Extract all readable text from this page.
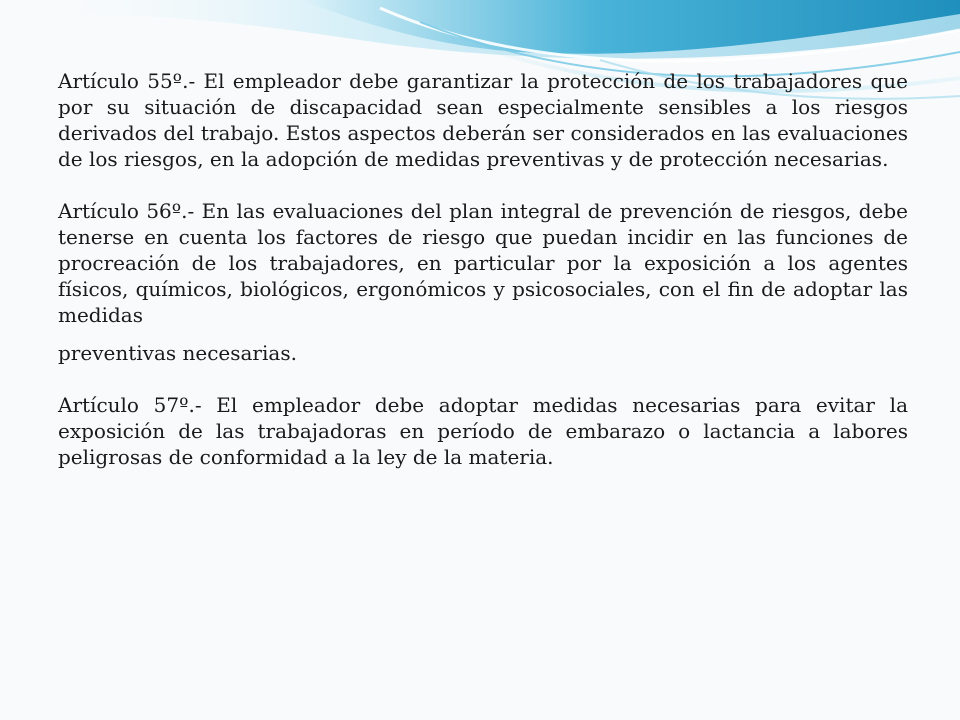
Artículo 55º.- El empleador debe garantizar la protección de los trabajadores que por su situación de discapacidad sean especialmente sensibles a los riesgos derivados del trabajo. Estos aspectos deberán ser considerados en las evaluaciones de los riesgos, en la adopción de medidas preventivas y de protección necesarias.

Artículo 56º.- En las evaluaciones del plan integral de prevención de riesgos, debe tenerse en cuenta los factores de riesgo que puedan incidir en las funciones de procreación de los trabajadores, en particular por la exposición a los agentes físicos, químicos, biológicos, ergonómicos y psicosociales, con el fin de adoptar las medidas

preventivas necesarias.

Artículo 57º.- El empleador debe adoptar medidas necesarias para evitar la exposición de las trabajadoras en período de embarazo o lactancia a labores peligrosas de conformidad a la ley de la materia.
